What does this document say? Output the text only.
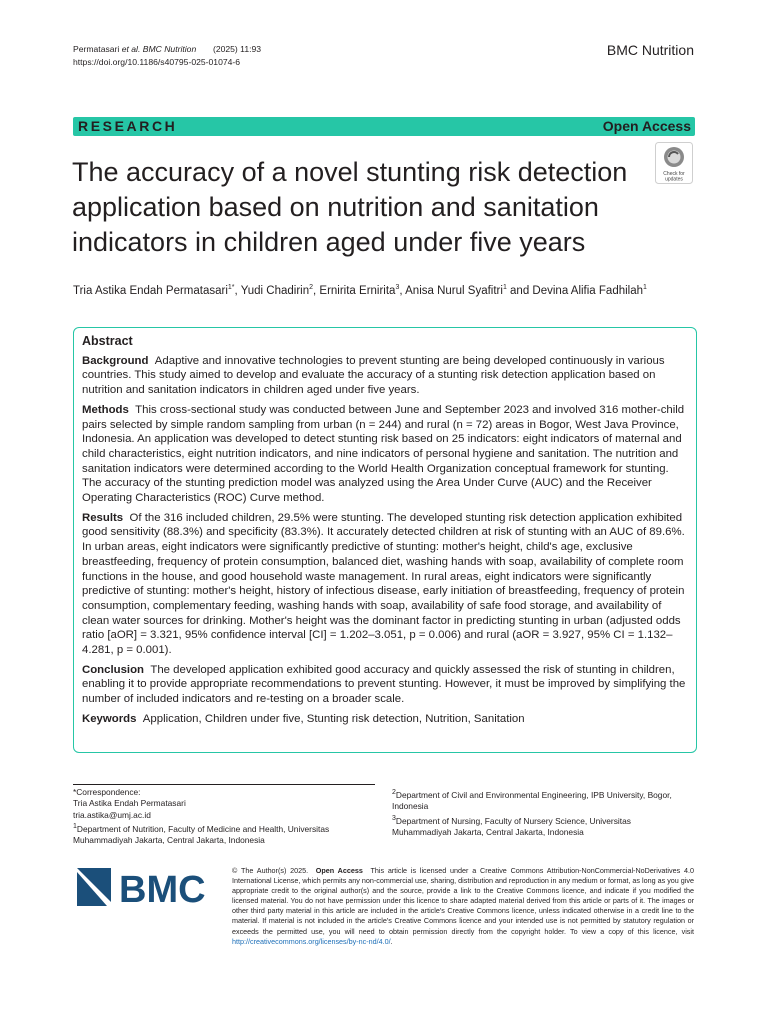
Permatasari et al. BMC Nutrition (2025) 11:93
https://doi.org/10.1186/s40795-025-01074-6
BMC Nutrition
RESEARCH	Open Access
The accuracy of a novel stunting risk detection application based on nutrition and sanitation indicators in children aged under five years
Check for
updates
Tria Astika Endah Permatasari$^{1*}$, Yudi Chadirin$^2$, Ernirita Ernirita$^3$, Anisa Nurul Syafitri$^1$ and Devina Alifia Fadhilah$^1$
Abstract

Background Adaptive and innovative technologies to prevent stunting are being developed continuously in various countries. This study aimed to develop and evaluate the accuracy of a stunting risk detection application based on nutrition and sanitation indicators in children aged under five years.

Methods This cross-sectional study was conducted between June and September 2023 and involved 316 mother-child pairs selected by simple random sampling from urban (n = 244) and rural (n = 72) areas in Bogor, West Java Province, Indonesia. An application was developed to detect stunting risk based on 25 indicators: eight indicators of maternal and child characteristics, eight nutrition indicators, and nine indicators of personal hygiene and sanitation. The nutrition and sanitation indicators were determined according to the World Health Organization conceptual framework for stunting. The accuracy of the stunting prediction model was analyzed using the Area Under Curve (AUC) and the Receiver Operating Characteristics (ROC) Curve method.

Results Of the 316 included children, 29.5% were stunting. The developed stunting risk detection application exhibited good sensitivity (88.3%) and specificity (83.3%). It accurately detected children at risk of stunting with an AUC of 89.6%. In urban areas, eight indicators were significantly predictive of stunting: mother's height, child's age, exclusive breastfeeding, frequency of protein consumption, balanced diet, washing hands with soap, availability of complete room functions in the house, and good household waste management. In rural areas, eight indicators were significantly predictive of stunting: mother's height, history of infectious disease, early initiation of breastfeeding, frequency of protein consumption, complementary feeding, washing hands with soap, availability of safe food storage, and availability of clean water sources for drinking. Mother's height was the dominant factor in predicting stunting in urban (adjusted odds ratio [aOR] = 3.321, 95% confidence interval [CI] = 1.202–3.051, p = 0.006) and rural (aOR = 3.927, 95% CI = 1.132–4.281, p = 0.001).

Conclusion The developed application exhibited good accuracy and quickly assessed the risk of stunting in children, enabling it to provide appropriate recommendations to prevent stunting. However, it must be improved by simplifying the number of included indicators and re-testing on a broader scale.

Keywords Application, Children under five, Stunting risk detection, Nutrition, Sanitation

*Correspondence:
Tria Astika Endah Permatasari
tria.astika@umj.ac.id
$^1$Department of Nutrition, Faculty of Medicine and Health, Universitas Muhammadiyah Jakarta, Central Jakarta, Indonesia
$^2$Department of Civil and Environmental Engineering, IPB University, Bogor, Indonesia
$^3$Department of Nursing, Faculty of Nursery Science, Universitas Muhammadiyah Jakarta, Central Jakarta, Indonesia
BMC	© The Author(s) 2025. Open Access This article is licensed under a Creative Commons Attribution-NonCommercial-NoDerivatives 4.0 International License, which permits any non-commercial use, sharing, distribution and reproduction in any medium or format, as long as you give appropriate credit to the original author(s) and the source, provide a link to the Creative Commons licence, and indicate if you modified the licensed material. You do not have permission under this licence to share adapted material derived from this article or parts of it. The images or other third party material in this article are included in the article's Creative Commons licence, unless indicated otherwise in a credit line to the material. If material is not included in the article's Creative Commons licence and your intended use is not permitted by statutory regulation or exceeds the permitted use, you will need to obtain permission directly from the copyright holder. To view a copy of this licence, visit http://creativecommons.org/licenses/by-nc-nd/4.0/.
